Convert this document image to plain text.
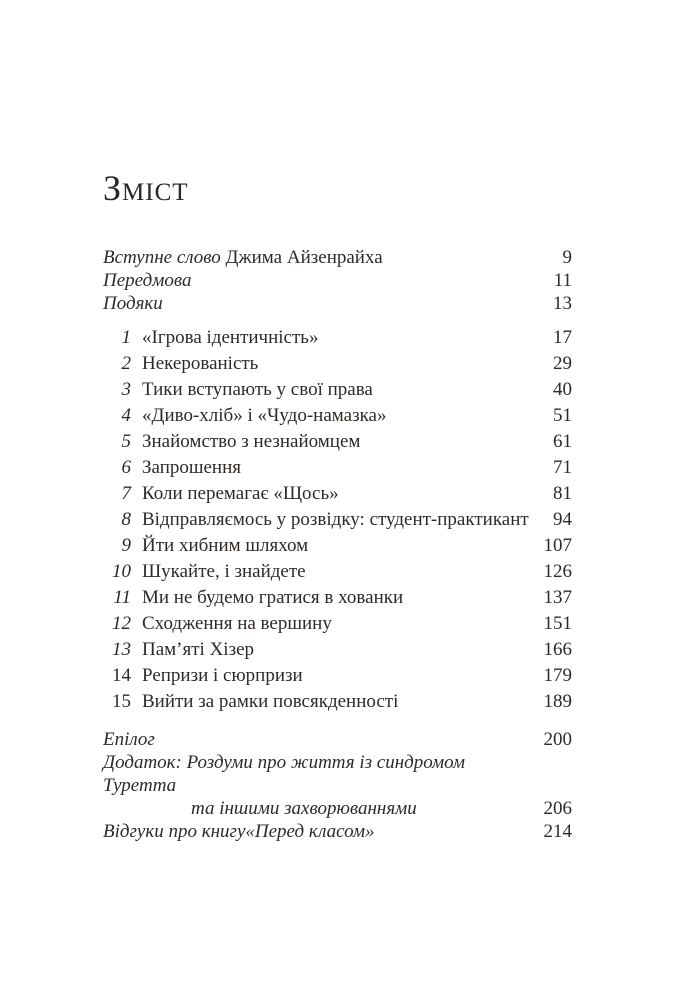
Зміст
Вступне слово Джима Айзенрайха	9
Передмова	11
Подяки	13
1 «Ігрова ідентичність»	17
2 Некерованість	29
3 Тики вступають у свої права	40
4 «Диво-хліб» і «Чудо-намазка»	51
5 Знайомство з незнайомцем	61
6 Запрошення	71
7 Коли перемагає «Щось»	81
8 Відправляємось у розвідку: студент-практикант	94
9 Йти хибним шляхом	107
10 Шукайте, і знайдете	126
11 Ми не будемо гратися в хованки	137
12 Сходження на вершину	151
13 Пам’яті Хізер	166
14 Репризи і сюрпризи	179
15 Вийти за рамки повсякденності	189
Епілог	200
Додаток: Роздуми про життя із синдромом Туретта
та іншими захворюваннями	206
Відгуки про книгу«Перед класом»	214
